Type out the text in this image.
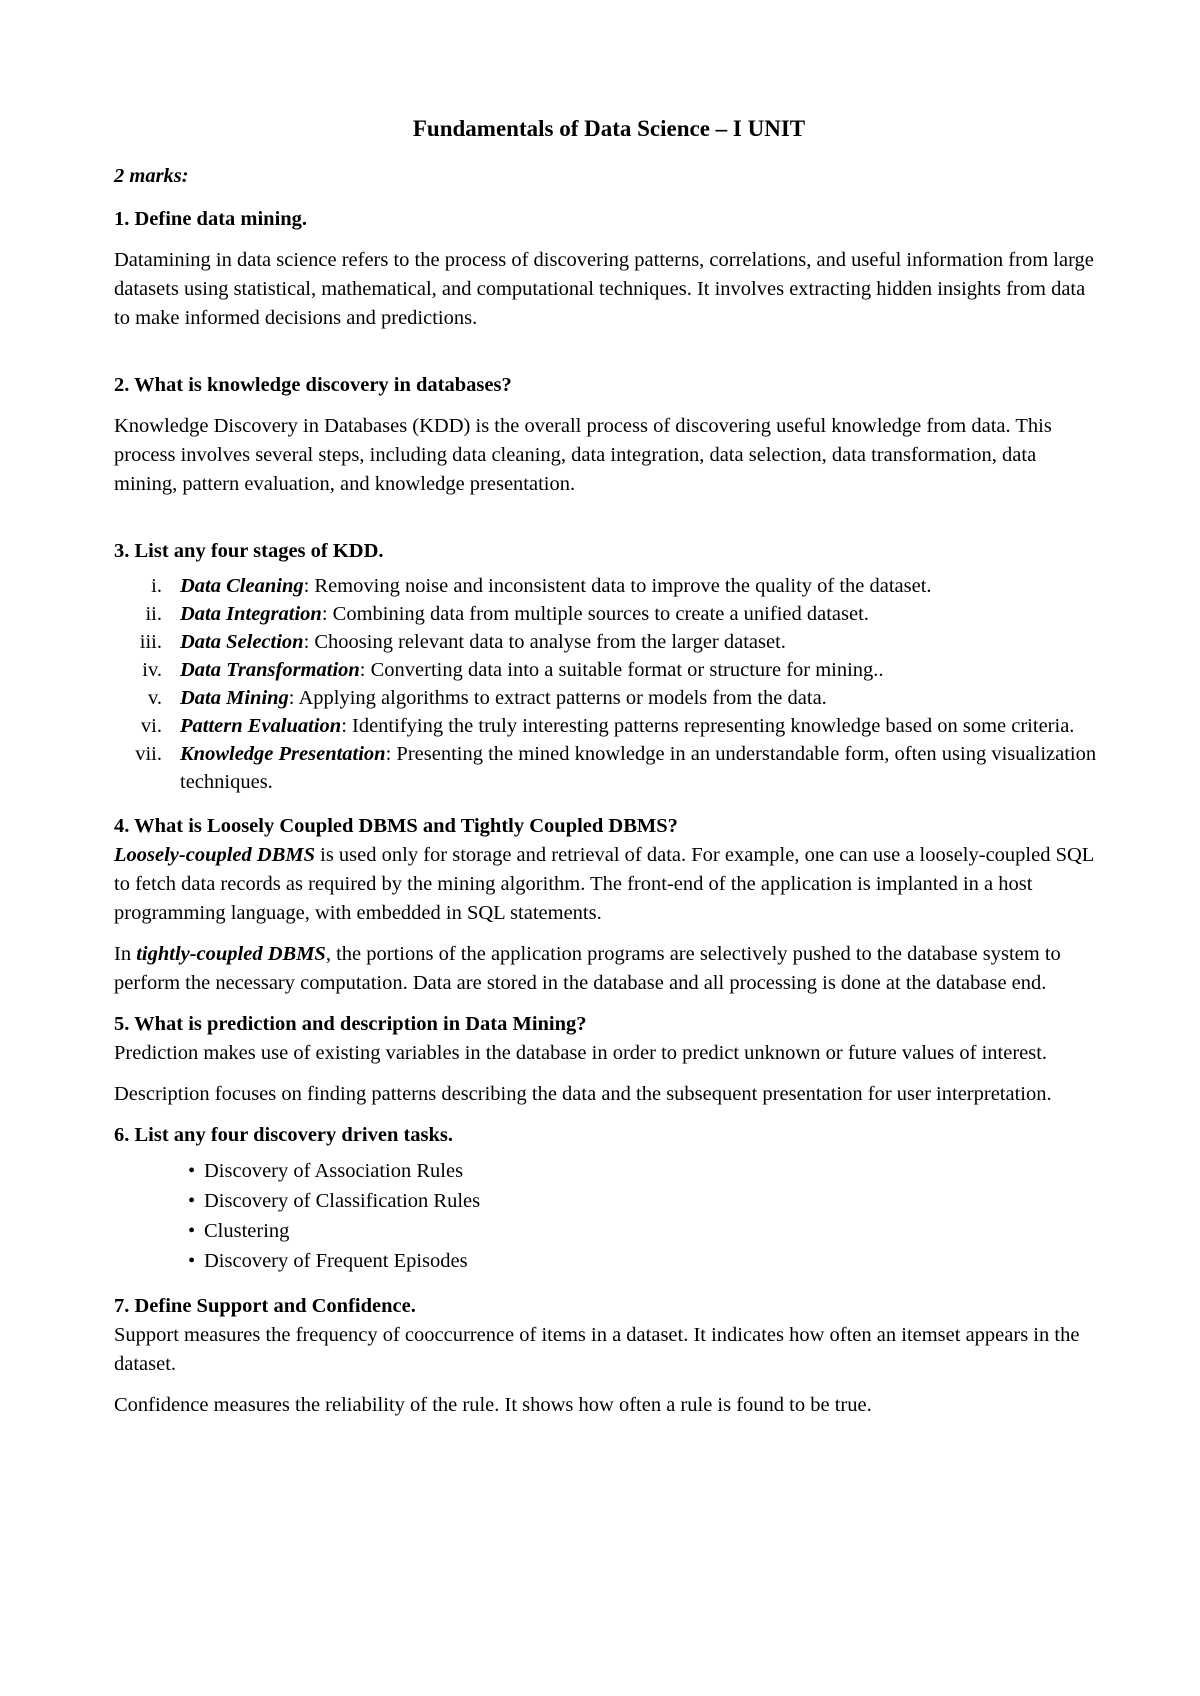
Fundamentals of Data Science – I UNIT
2 marks:
1. Define data mining.

Datamining in data science refers to the process of discovering patterns, correlations, and useful information from large datasets using statistical, mathematical, and computational techniques. It involves extracting hidden insights from data to make informed decisions and predictions.

2. What is knowledge discovery in databases?

Knowledge Discovery in Databases (KDD) is the overall process of discovering useful knowledge from data. This process involves several steps, including data cleaning, data integration, data selection, data transformation, data mining, pattern evaluation, and knowledge presentation.

3. List any four stages of KDD.
i. Data Cleaning: Removing noise and inconsistent data to improve the quality of the dataset.
ii. Data Integration: Combining data from multiple sources to create a unified dataset.
iii. Data Selection: Choosing relevant data to analyse from the larger dataset.
iv. Data Transformation: Converting data into a suitable format or structure for mining..
v. Data Mining: Applying algorithms to extract patterns or models from the data.
vi. Pattern Evaluation: Identifying the truly interesting patterns representing knowledge based on some criteria.
vii. Knowledge Presentation: Presenting the mined knowledge in an understandable form, often using visualization techniques.
4. What is Loosely Coupled DBMS and Tightly Coupled DBMS?

Loosely-coupled DBMS is used only for storage and retrieval of data. For example, one can use a loosely-coupled SQL to fetch data records as required by the mining algorithm. The front-end of the application is implanted in a host programming language, with embedded in SQL statements.

In tightly-coupled DBMS, the portions of the application programs are selectively pushed to the database system to perform the necessary computation. Data are stored in the database and all processing is done at the database end.

5. What is prediction and description in Data Mining?

Prediction makes use of existing variables in the database in order to predict unknown or future values of interest.

Description focuses on finding patterns describing the data and the subsequent presentation for user interpretation.

6. List any four discovery driven tasks.
• Discovery of Association Rules
• Discovery of Classification Rules
• Clustering
• Discovery of Frequent Episodes
7. Define Support and Confidence.

Support measures the frequency of cooccurrence of items in a dataset. It indicates how often an itemset appears in the dataset.

Confidence measures the reliability of the rule. It shows how often a rule is found to be true.
